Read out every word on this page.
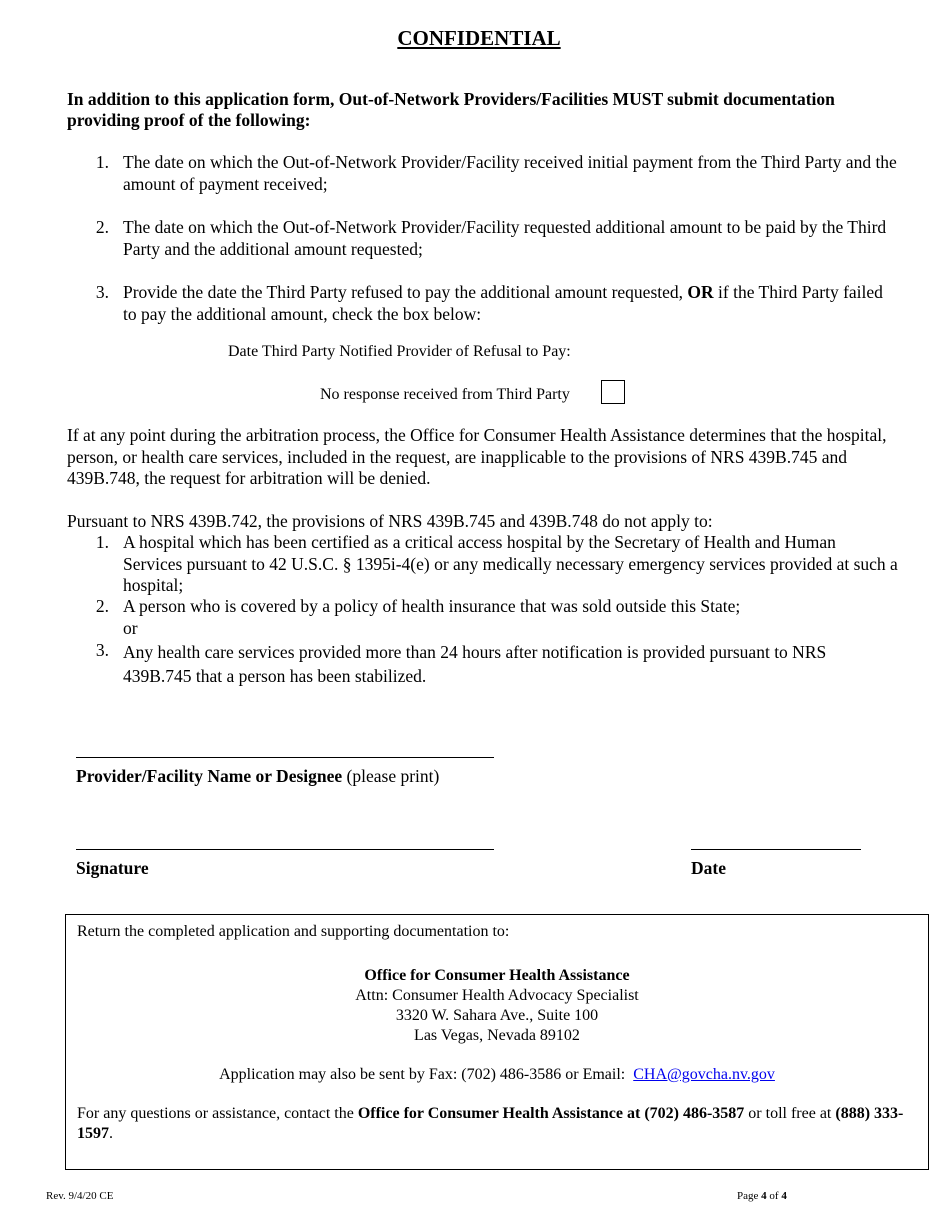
CONFIDENTIAL
In addition to this application form, Out-of-Network Providers/Facilities MUST submit documentation providing proof of the following:
1. The date on which the Out-of-Network Provider/Facility received initial payment from the Third Party and the amount of payment received;
2. The date on which the Out-of-Network Provider/Facility requested additional amount to be paid by the Third Party and the additional amount requested;
3. Provide the date the Third Party refused to pay the additional amount requested, OR if the Third Party failed to pay the additional amount, check the box below:
Date Third Party Notified Provider of Refusal to Pay:
No response received from Third Party
If at any point during the arbitration process, the Office for Consumer Health Assistance determines that the hospital, person, or health care services, included in the request, are inapplicable to the provisions of NRS 439B.745 and 439B.748, the request for arbitration will be denied.
Pursuant to NRS 439B.742, the provisions of NRS 439B.745 and 439B.748 do not apply to:
1. A hospital which has been certified as a critical access hospital by the Secretary of Health and Human Services pursuant to 42 U.S.C. § 1395i-4(e) or any medically necessary emergency services provided at such a hospital;
2. A person who is covered by a policy of health insurance that was sold outside this State;
or
3. Any health care services provided more than 24 hours after notification is provided pursuant to NRS 439B.745 that a person has been stabilized.
Provider/Facility Name or Designee (please print)
Signature	Date
Return the completed application and supporting documentation to:
Office for Consumer Health Assistance
Attn: Consumer Health Advocacy Specialist
3320 W. Sahara Ave., Suite 100
Las Vegas, Nevada 89102
Application may also be sent by Fax: (702) 486-3586 or Email:  CHA@govcha.nv.gov
For any questions or assistance, contact the Office for Consumer Health Assistance at (702) 486-3587 or toll free at (888) 333-1597.
Rev. 9/4/20 CE	Page 4 of 4
